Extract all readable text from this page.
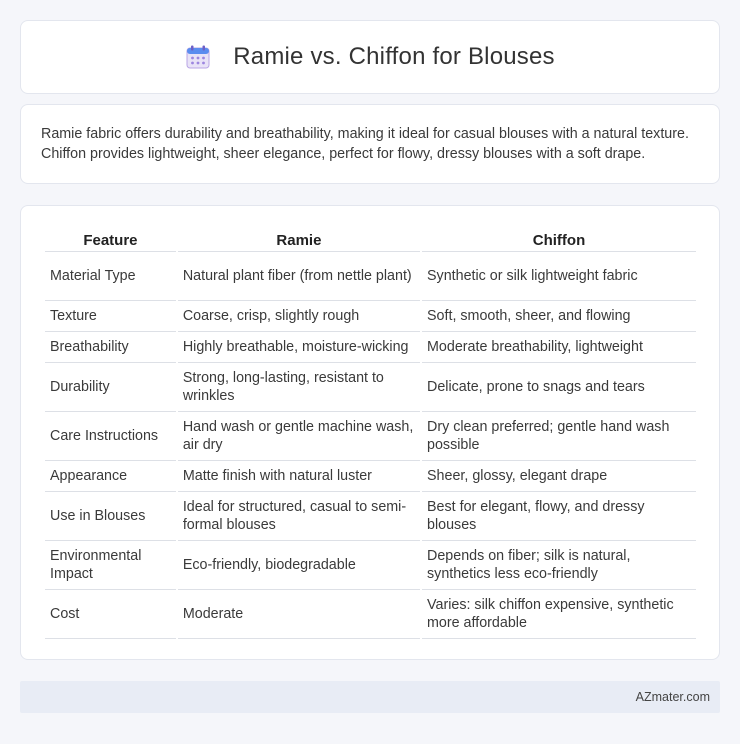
Ramie vs. Chiffon for Blouses

Ramie fabric offers durability and breathability, making it ideal for casual blouses with a natural texture. Chiffon provides lightweight, sheer elegance, perfect for flowy, dressy blouses with a soft drape.

Feature	Ramie	Chiffon
Material Type	Natural plant fiber (from nettle plant)	Synthetic or silk lightweight fabric
Texture	Coarse, crisp, slightly rough	Soft, smooth, sheer, and flowing
Breathability	Highly breathable, moisture-wicking	Moderate breathability, lightweight
Durability	Strong, long-lasting, resistant to wrinkles	Delicate, prone to snags and tears
Care Instructions	Hand wash or gentle machine wash, air dry	Dry clean preferred; gentle hand wash possible
Appearance	Matte finish with natural luster	Sheer, glossy, elegant drape
Use in Blouses	Ideal for structured, casual to semi-formal blouses	Best for elegant, flowy, and dressy blouses
Environmental Impact	Eco-friendly, biodegradable	Depends on fiber; silk is natural, synthetics less eco-friendly
Cost	Moderate	Varies: silk chiffon expensive, synthetic more affordable
AZmater.com
